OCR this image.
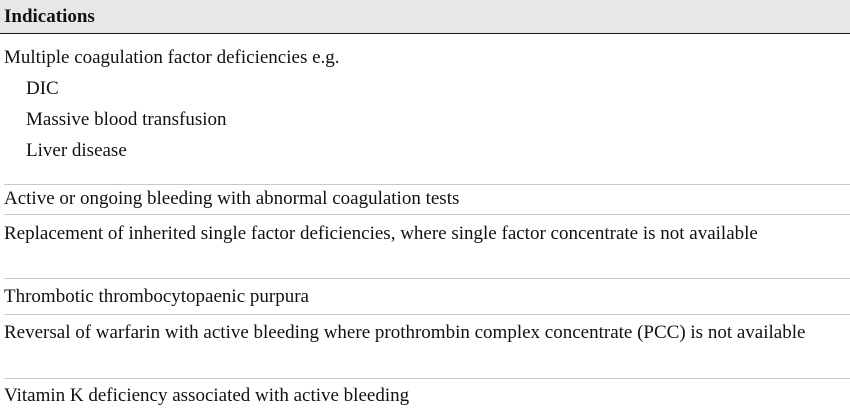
Indications
Multiple coagulation factor deficiencies e.g.
DIC
Massive blood transfusion
Liver disease
Active or ongoing bleeding with abnormal coagulation tests
Replacement of inherited single factor deficiencies, where single factor concentrate is not available
Thrombotic thrombocytopaenic purpura
Reversal of warfarin with active bleeding where prothrombin complex concentrate (PCC) is not available
Vitamin K deficiency associated with active bleeding
